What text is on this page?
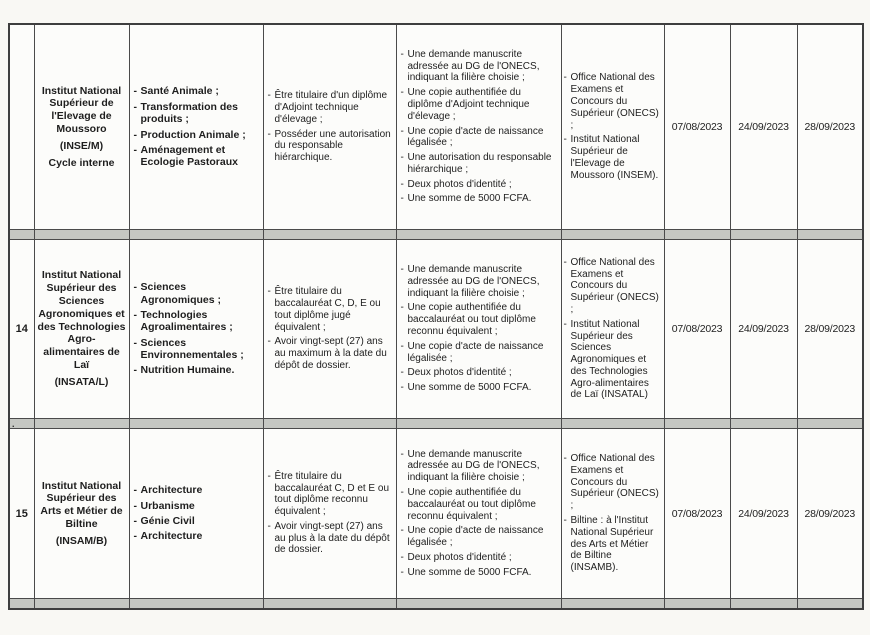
Institut National Supérieur de l'Elevage de Moussoro
(INSE/M)
Cycle interne

- Santé Animale ;
- Transformation des produits ;
- Production Animale ;
- Aménagement et Ecologie Pastoraux

- Être titulaire d'un diplôme d'Adjoint technique d'élevage ;
- Posséder une autorisation du responsable hiérarchique.

- Une demande manuscrite adressée au DG de l'ONECS, indiquant la filière choisie ;
- Une copie authentifiée du diplôme d'Adjoint technique d'élevage ;
- Une copie d'acte de naissance légalisée ;
- Une autorisation du responsable hiérarchique ;
- Deux photos d'identité ;
- Une somme de 5000 FCFA.

- Office National des Examens et Concours du Supérieur (ONECS) ;
- Institut National Supérieur de l'Elevage de Moussoro (INSEM).
	07/08/2023	24/09/2023	28/09/2023

14	
Institut National Supérieur des Sciences Agronomiques et des Technologies Agro-alimentaires de Laï
(INSATA/L)

- Sciences Agronomiques ;
- Technologies Agroalimentaires ;
- Sciences Environnementales ;
- Nutrition Humaine.

- Être titulaire du baccalauréat C, D, E ou tout diplôme jugé équivalent ;
- Avoir vingt-sept (27) ans au maximum à la date du dépôt de dossier.

- Une demande manuscrite adressée au DG de l'ONECS, indiquant la filière choisie ;
- Une copie authentifiée du baccalauréat ou tout diplôme reconnu équivalent ;
- Une copie d'acte de naissance légalisée ;
- Deux photos d'identité ;
- Une somme de 5000 FCFA.

- Office National des Examens et Concours du Supérieur (ONECS) ;
- Institut National Supérieur des Sciences Agronomiques et des Technologies Agro-alimentaires de Laï (INSATAL)
	07/08/2023	24/09/2023	28/09/2023
.								
15	
Institut National Supérieur des Arts et Métier de Biltine
(INSAM/B)

- Architecture
- Urbanisme
- Génie Civil
- Architecture

- Être titulaire du baccalauréat C, D et E ou tout diplôme reconnu équivalent ;
- Avoir vingt-sept (27) ans au plus à la date du dépôt de dossier.

- Une demande manuscrite adressée au DG de l'ONECS, indiquant la filière choisie ;
- Une copie authentifiée du baccalauréat ou tout diplôme reconnu équivalent ;
- Une copie d'acte de naissance légalisée ;
- Deux photos d'identité ;
- Une somme de 5000 FCFA.

- Office National des Examens et Concours du Supérieur (ONECS) ;
- Biltine : à l'Institut National Supérieur des Arts et Métier de Biltine (INSAMB).
	07/08/2023	24/09/2023	28/09/2023
